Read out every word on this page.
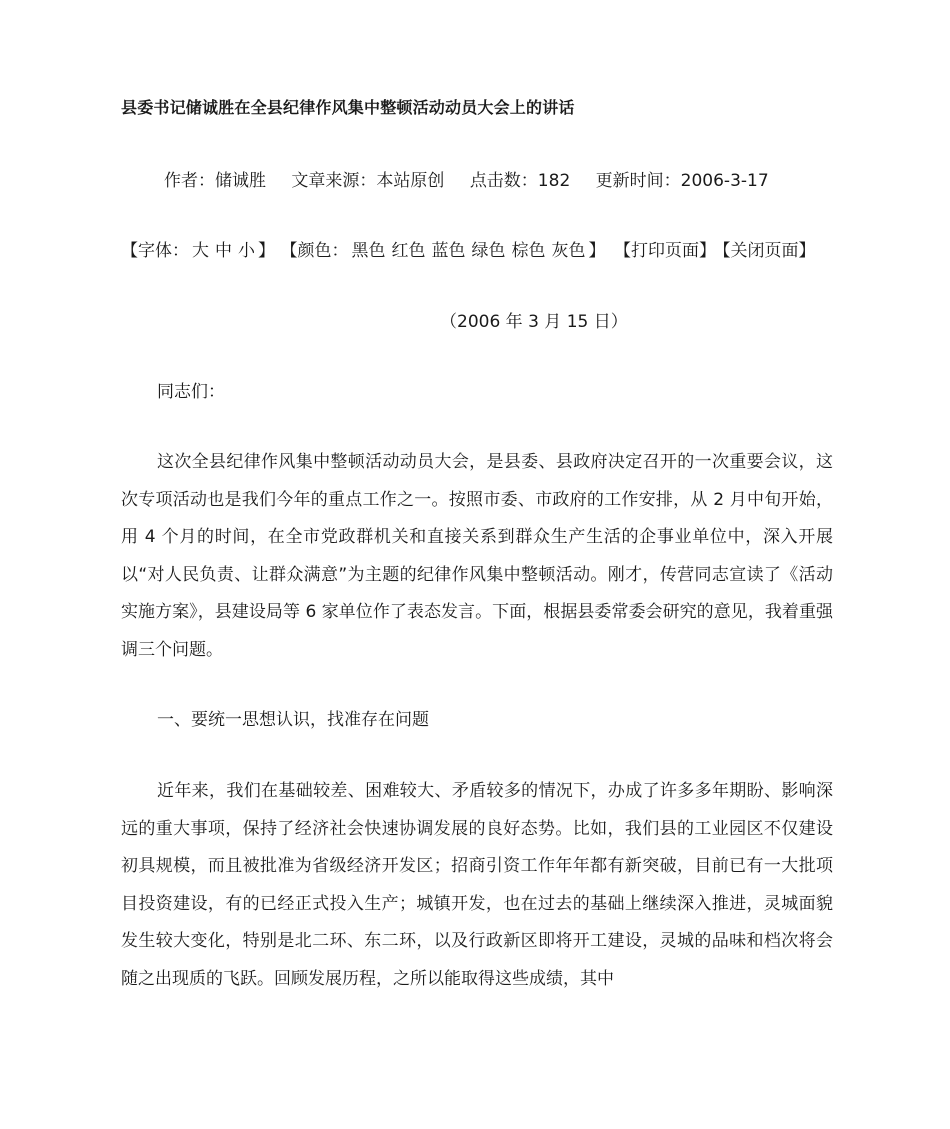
县委书记储诚胜在全县纪律作风集中整顿活动动员大会上的讲话
作者：储诚胜 文章来源：本站原创 点击数：182 更新时间：2006-3-17
【字体： 大 中 小 】 【颜色： 黑色 红色 蓝色 绿色 棕色 灰色 】 【打印页面】 【关闭页面】
（2006 年 3 月 15 日）
同志们：
这次全县纪律作风集中整顿活动动员大会，是县委、县政府决定召开的一次重要会议，这次专项活动也是我们今年的重点工作之一。按照市委、市政府的工作安排，从 2 月中旬开始，用 4 个月的时间，在全市党政群机关和直接关系到群众生产生活的企事业单位中，深入开展以“对人民负责、让群众满意”为主题的纪律作风集中整顿活动。刚才，传营同志宣读了《活动实施方案》，县建设局等 6 家单位作了表态发言。下面，根据县委常委会研究的意见，我着重强调三个问题。
一、要统一思想认识，找准存在问题
近年来，我们在基础较差、困难较大、矛盾较多的情况下，办成了许多多年期盼、影响深远的重大事项，保持了经济社会快速协调发展的良好态势。比如，我们县的工业园区不仅建设初具规模，而且被批准为省级经济开发区；招商引资工作年年都有新突破，目前已有一大批项目投资建设，有的已经正式投入生产；城镇开发，也在过去的基础上继续深入推进，灵城面貌发生较大变化，特别是北二环、东二环，以及行政新区即将开工建设，灵城的品味和档次将会随之出现质的飞跃。回顾发展历程，之所以能取得这些成绩，其中
